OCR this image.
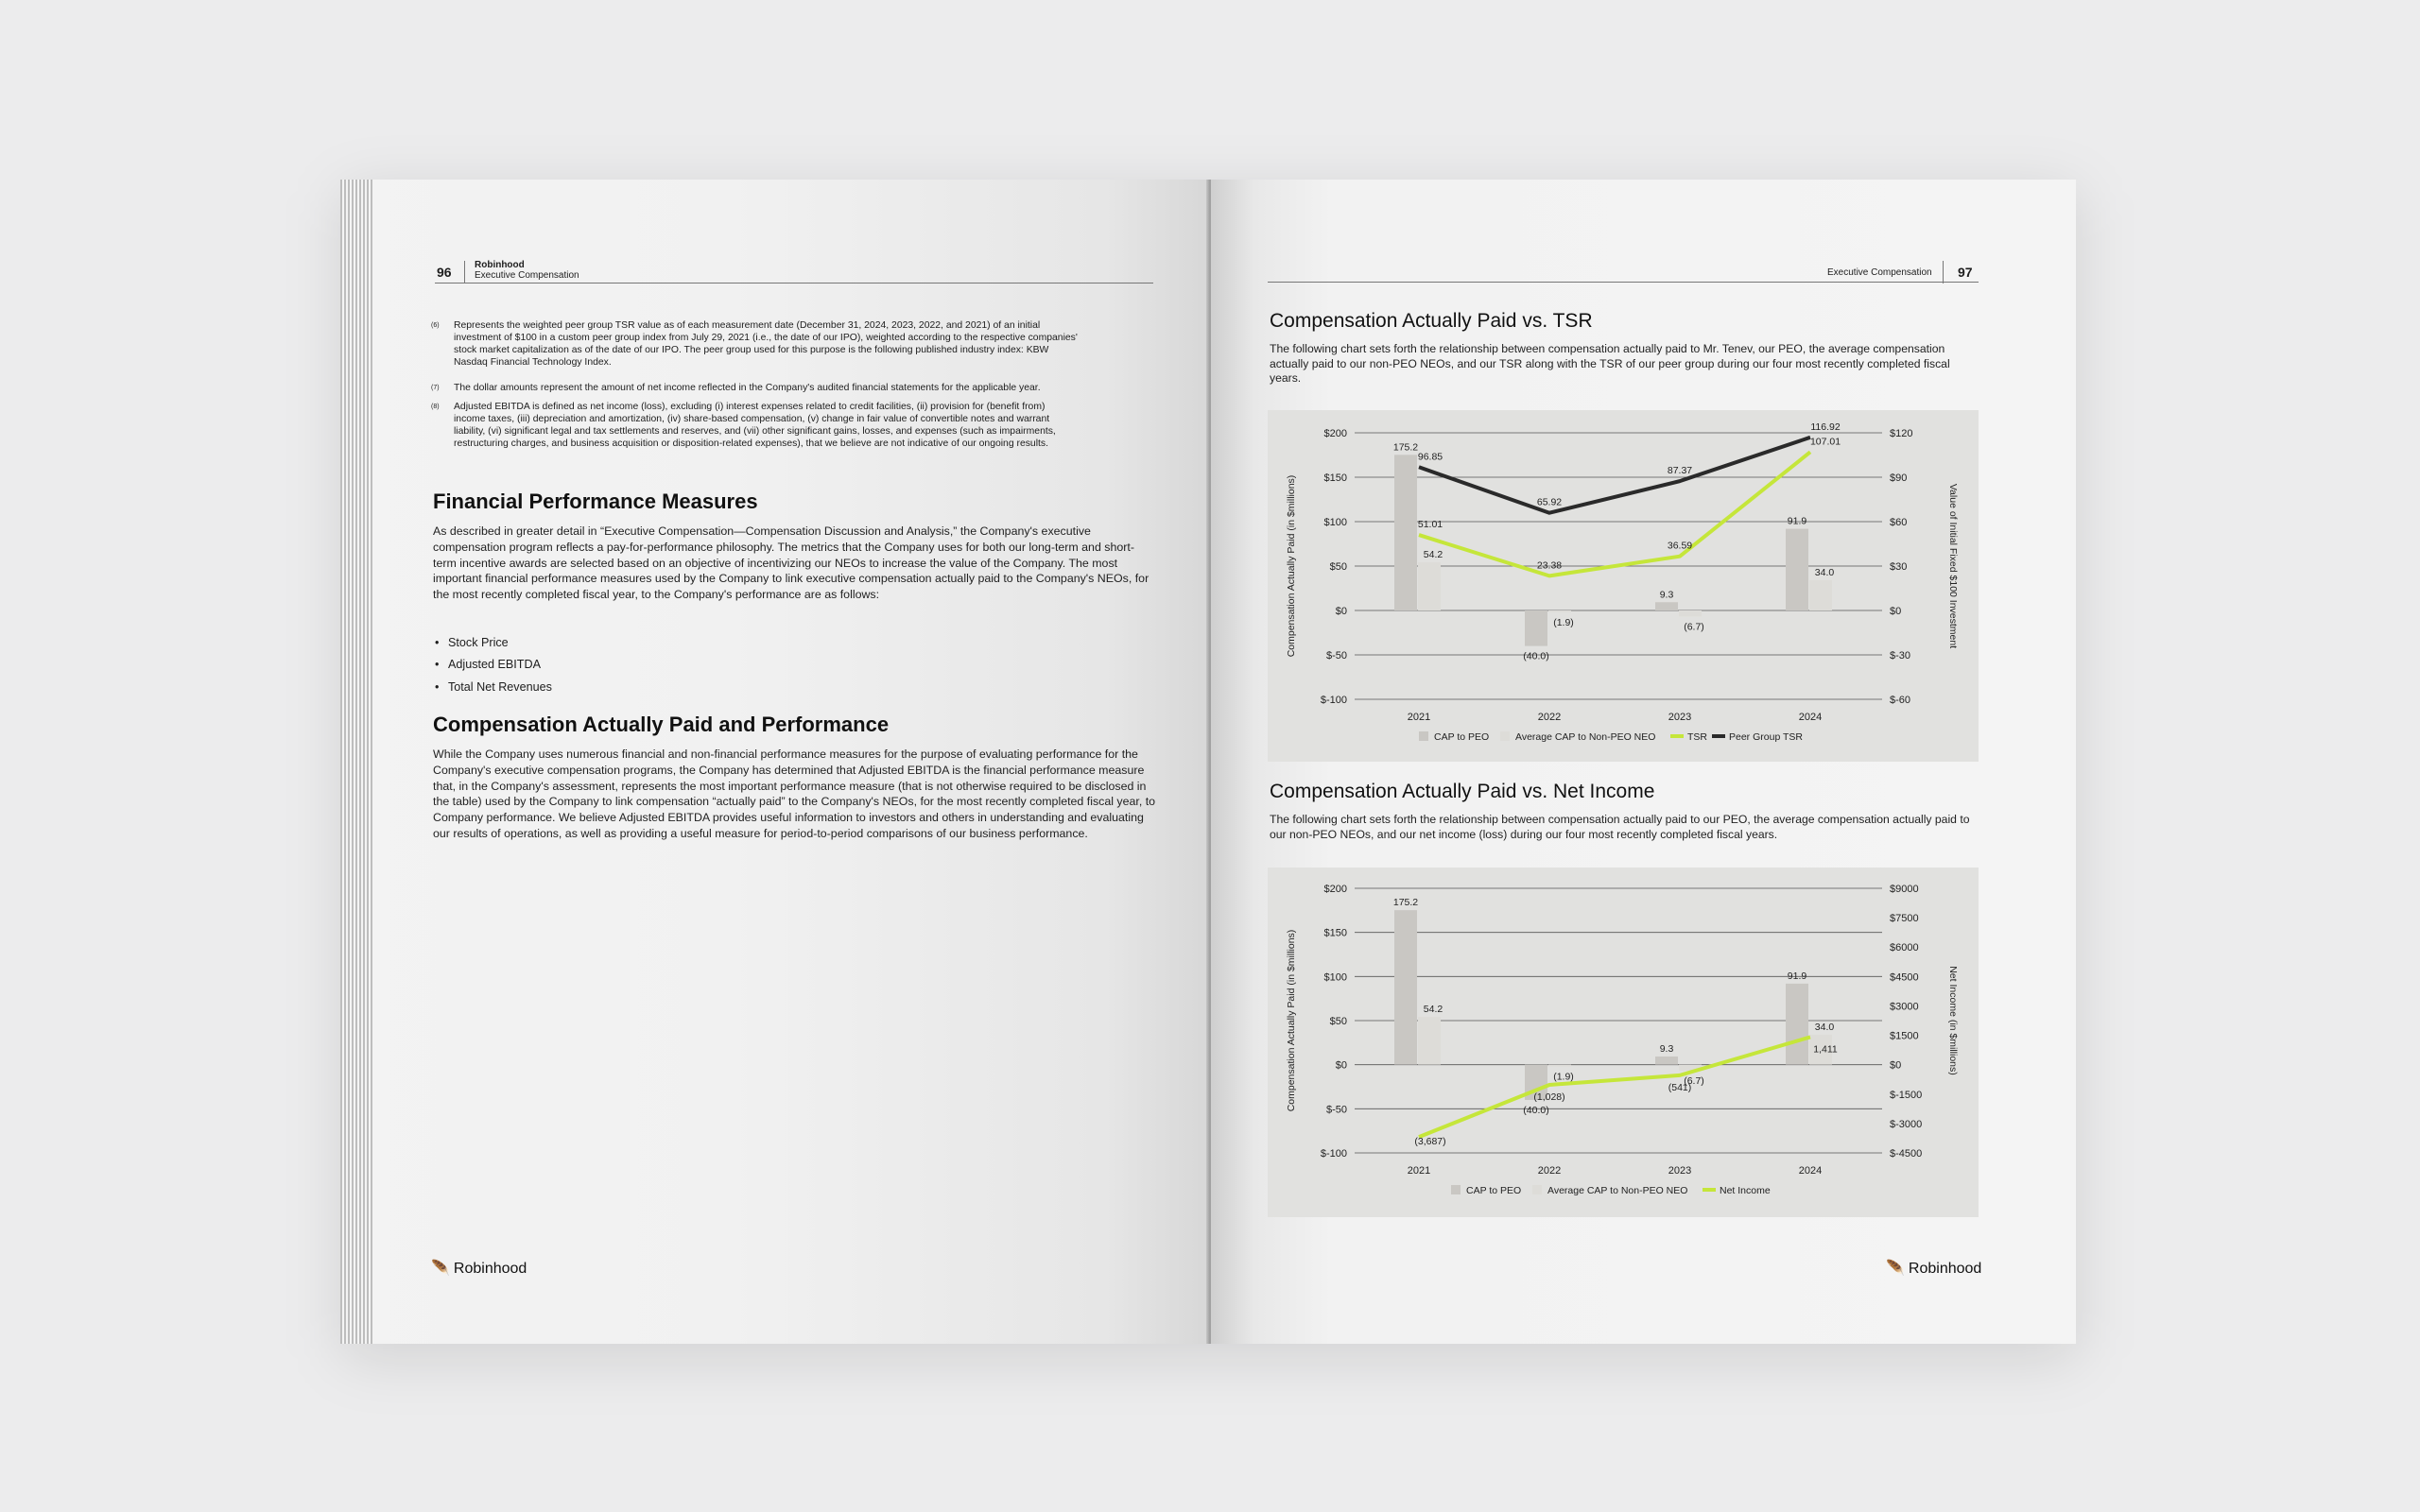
96 Robinhood
Executive Compensation
(6) Represents the weighted peer group TSR value as of each measurement date (December 31, 2024, 2023, 2022, and 2021) of an initial investment of $100 in a custom peer group index from July 29, 2021 (i.e., the date of our IPO), weighted according to the respective companies' stock market capitalization as of the date of our IPO. The peer group used for this purpose is the following published industry index: KBW Nasdaq Financial Technology Index.
(7) The dollar amounts represent the amount of net income reflected in the Company's audited financial statements for the applicable year.
(8) Adjusted EBITDA is defined as net income (loss), excluding (i) interest expenses related to credit facilities, (ii) provision for (benefit from) income taxes, (iii) depreciation and amortization, (iv) share-based compensation, (v) change in fair value of convertible notes and warrant liability, (vi) significant legal and tax settlements and reserves, and (vii) other significant gains, losses, and expenses (such as impairments, restructuring charges, and business acquisition or disposition-related expenses), that we believe are not indicative of our ongoing results.
Financial Performance Measures
As described in greater detail in “Executive Compensation—Compensation Discussion and Analysis,” the Company's executive compensation program reflects a pay-for-performance philosophy. The metrics that the Company uses for both our long-term and short-term incentive awards are selected based on an objective of incentivizing our NEOs to increase the value of the Company. The most important financial performance measures used by the Company to link executive compensation actually paid to the Company's NEOs, for the most recently completed fiscal year, to the Company's performance are as follows:
• Stock Price
• Adjusted EBITDA
• Total Net Revenues
Compensation Actually Paid and Performance
While the Company uses numerous financial and non-financial performance measures for the purpose of evaluating performance for the Company's executive compensation programs, the Company has determined that Adjusted EBITDA is the financial performance measure that, in the Company's assessment, represents the most important performance measure (that is not otherwise required to be disclosed in the table) used by the Company to link compensation “actually paid” to the Company's NEOs, for the most recently completed fiscal year, to Company performance. We believe Adjusted EBITDA provides useful information to investors and others in understanding and evaluating our results of operations, as well as providing a useful measure for period-to-period comparisons of our business performance.
🪶 Robinhood
Executive Compensation 97
Compensation Actually Paid vs. TSR
The following chart sets forth the relationship between compensation actually paid to Mr. Tenev, our PEO, the average compensation actually paid to our non-PEO NEOs, and our TSR along with the TSR of our peer group during our four most recently completed fiscal years.
$200
$150
$100
$50
$0
$-50
$-100
$120
$90
$60
$30
$0
$-30
$-60
Compensation Actually Paid (in $millions)	Value of Initial Fixed $100 Investment
2021	2022	2023	2024
175.2
(40.0)
9.3
91.9
54.2
(1.9)	(6.7)
34.0
51.01
23.38
36.59
107.01
96.85
65.92
87.37
116.92
CAP to PEO	Average CAP to Non-PEO NEO	TSR Peer Group TSR
Compensation Actually Paid vs. Net Income
The following chart sets forth the relationship between compensation actually paid to our PEO, the average compensation actually paid to our non-PEO NEOs, and our net income (loss) during our four most recently completed fiscal years.
$200
$150
$100
$50
$0
$-50
$-100
$9000
$7500
$6000
$4500
$3000
$1500
$0
$-1500
$-3000
$-4500
Compensation Actually Paid (in $millions)	Net Income (in $millions)
2021	2022	2023	2024
175.2
(40.0)
9.3
91.9
54.2
(1.9)	(6.7)
34.0
(3,687)
(1,028)
(541)
1,411
CAP to PEO	Average CAP to Non-PEO NEO	Net Income
🪶 Robinhood
